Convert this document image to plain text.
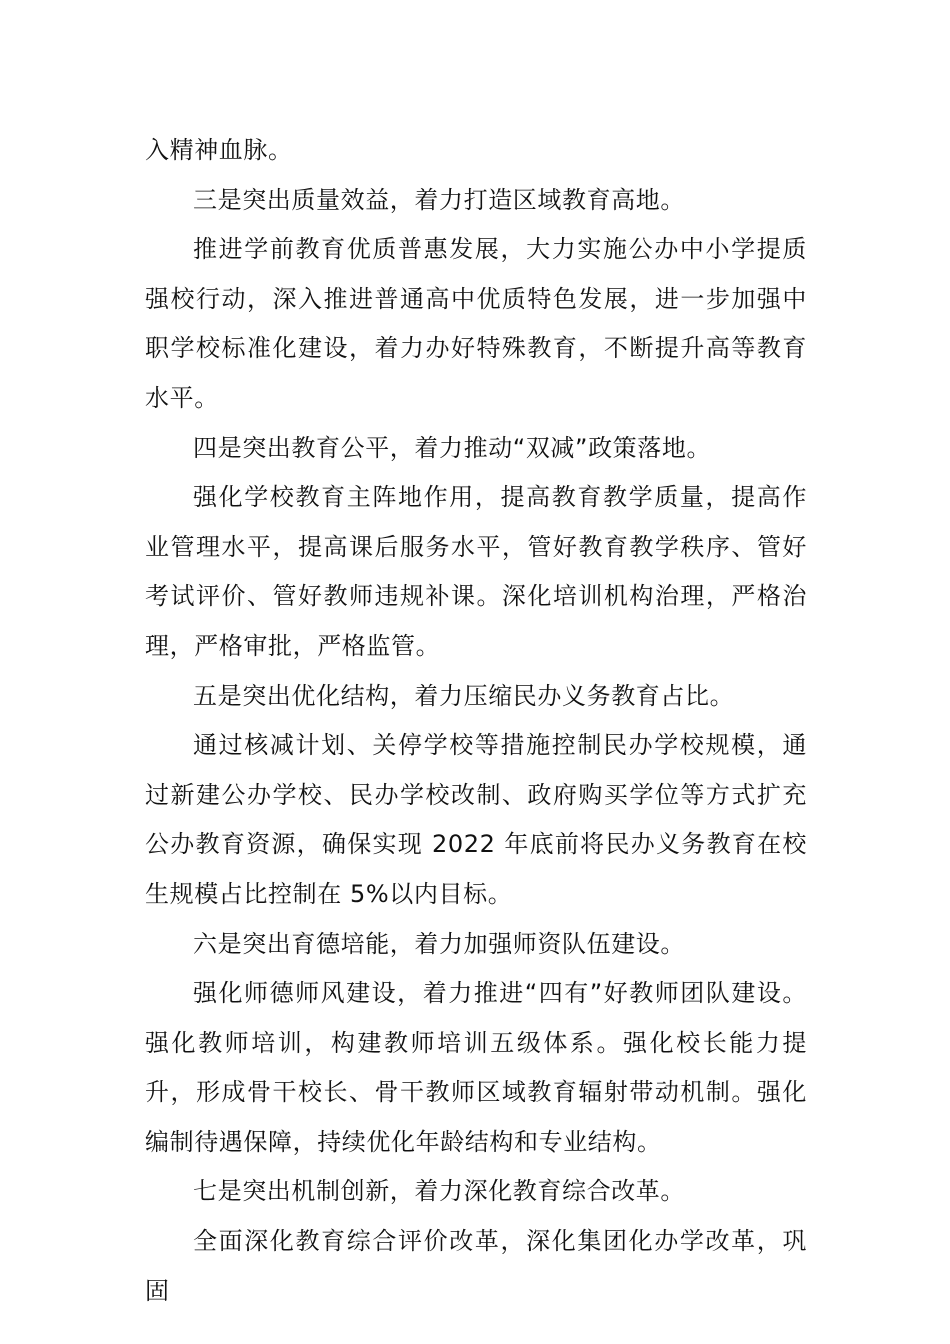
入精神血脉。

三是突出质量效益，着力打造区域教育高地。

推进学前教育优质普惠发展，大力实施公办中小学提质强校行动，深入推进普通高中优质特色发展，进一步加强中职学校标准化建设，着力办好特殊教育，不断提升高等教育水平。

四是突出教育公平，着力推动“双减”政策落地。

强化学校教育主阵地作用，提高教育教学质量，提高作业管理水平，提高课后服务水平，管好教育教学秩序、管好考试评价、管好教师违规补课。深化培训机构治理，严格治理，严格审批，严格监管。

五是突出优化结构，着力压缩民办义务教育占比。

通过核减计划、关停学校等措施控制民办学校规模，通过新建公办学校、民办学校改制、政府购买学位等方式扩充公办教育资源，确保实现 2022 年底前将民办义务教育在校生规模占比控制在 5%以内目标。

六是突出育德培能，着力加强师资队伍建设。

强化师德师风建设，着力推进“四有”好教师团队建设。强化教师培训，构建教师培训五级体系。强化校长能力提升，形成骨干校长、骨干教师区域教育辐射带动机制。强化编制待遇保障，持续优化年龄结构和专业结构。

七是突出机制创新，着力深化教育综合改革。

全面深化教育综合评价改革，深化集团化办学改革，巩固
